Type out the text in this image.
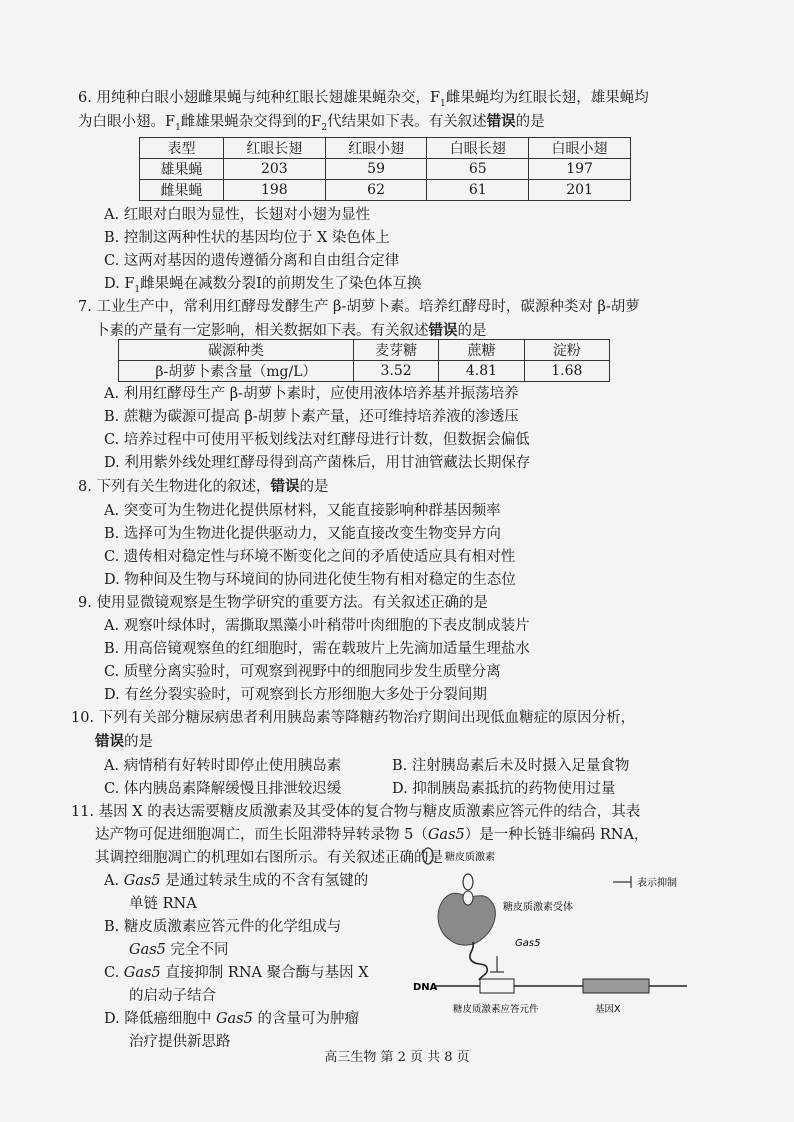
6. 用纯种白眼小翅雌果蝇与纯种红眼长翅雄果蝇杂交，$F_1$雌果蝇均为红眼长翅，雄果蝇均
为白眼小翅。$F_1$雌雄果蝇杂交得到的$F_2$代结果如下表。有关叙述错误的是
表型	红眼长翅	红眼小翅	白眼长翅	白眼小翅
雄果蝇	203	59	65	197
雌果蝇	198	62	61	201
A. 红眼对白眼为显性，长翅对小翅为显性
B. 控制这两种性状的基因均位于 X 染色体上
C. 这两对基因的遗传遵循分离和自由组合定律
D. $F_1$雌果蝇在减数分裂Ⅰ的前期发生了染色体互换
7. 工业生产中，常利用红酵母发酵生产 β-胡萝卜素。培养红酵母时，碳源种类对 β-胡萝
卜素的产量有一定影响，相关数据如下表。有关叙述错误的是
碳源种类	麦芽糖	蔗糖	淀粉
β-胡萝卜素含量（mg/L）	3.52	4.81	1.68
A. 利用红酵母生产 β-胡萝卜素时，应使用液体培养基并振荡培养
B. 蔗糖为碳源可提高 β-胡萝卜素产量，还可维持培养液的渗透压
C. 培养过程中可使用平板划线法对红酵母进行计数，但数据会偏低
D. 利用紫外线处理红酵母得到高产菌株后，用甘油管藏法长期保存
8. 下列有关生物进化的叙述，错误的是
A. 突变可为生物进化提供原材料，又能直接影响种群基因频率
B. 选择可为生物进化提供驱动力，又能直接改变生物变异方向
C. 遗传相对稳定性与环境不断变化之间的矛盾使适应具有相对性
D. 物种间及生物与环境间的协同进化使生物有相对稳定的生态位
9. 使用显微镜观察是生物学研究的重要方法。有关叙述正确的是
A. 观察叶绿体时，需撕取黑藻小叶稍带叶肉细胞的下表皮制成装片
B. 用高倍镜观察鱼的红细胞时，需在载玻片上先滴加适量生理盐水
C. 质壁分离实验时，可观察到视野中的细胞同步发生质壁分离
D. 有丝分裂实验时，可观察到长方形细胞大多处于分裂间期
10. 下列有关部分糖尿病患者利用胰岛素等降糖药物治疗期间出现低血糖症的原因分析，
错误的是
A. 病情稍有好转时即停止使用胰岛素	B. 注射胰岛素后未及时摄入足量食物
C. 体内胰岛素降解缓慢且排泄较迟缓	D. 抑制胰岛素抵抗的药物使用过量
11. 基因 X 的表达需要糖皮质激素及其受体的复合物与糖皮质激素应答元件的结合，其表
达产物可促进细胞凋亡，而生长阻滞特异转录物 5（Gas5）是一种长链非编码 RNA，
其调控细胞凋亡的机理如右图所示。有关叙述正确的是
A. Gas5 是通过转录生成的不含有氢键的
单链 RNA
B. 糖皮质激素应答元件的化学组成与
Gas5 完全不同
C. Gas5 直接抑制 RNA 聚合酶与基因 X
的启动子结合
D. 降低癌细胞中 Gas5 的含量可为肿瘤
治疗提供新思路
糖皮质激素
表示抑制
糖皮质激素受体
Gas5
DNA
糖皮质激素应答元件	基因X
高三生物 第 2 页 共 8 页
